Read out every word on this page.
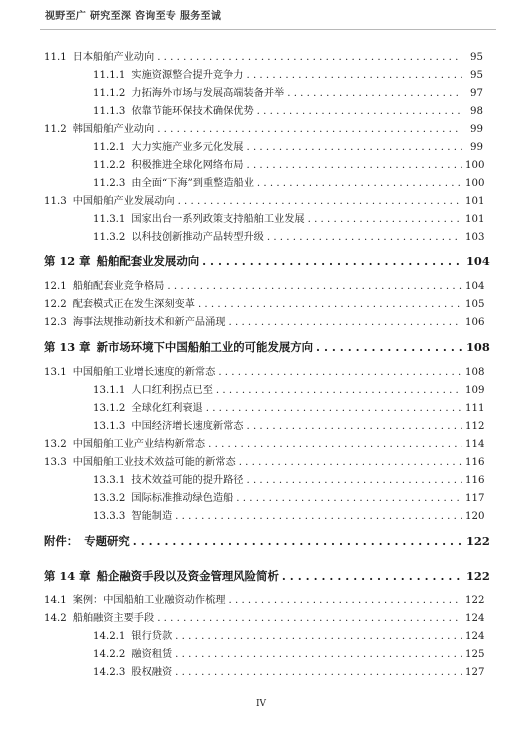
视野至广 研究至深 咨询至专 服务至诚
11.1 日本船舶产业动向 . . .	95
11.1.1 实施资源整合提升竞争力 . . .	95
11.1.2 力拓海外市场与发展高端装备并举 . . .	97
11.1.3 依靠节能环保技术确保优势 . . .	98
11.2 韩国船舶产业动向 . . .	99
11.2.1 大力实施产业多元化发展 . . .	99
11.2.2 积极推进全球化网络布局 . . .	100
11.2.3 由全面“下海”到重整造船业 . . .	100
11.3 中国船舶产业发展动向 . . .	101
11.3.1 国家出台一系列政策支持船舶工业发展 . . .	101
11.3.2 以科技创新推动产品转型升级 . . .	103
第 12 章 船舶配套业发展动向 . . .	104
12.1 船舶配套业竞争格局 . . .	104
12.2 配套模式正在发生深刻变革 . . .	105
12.3 海事法规推动新技术和新产品涌现 . . .	106
第 13 章 新市场环境下中国船舶工业的可能发展方向 . . .	108
13.1 中国船舶工业增长速度的新常态 . . .	108
13.1.1 人口红利拐点已至 . . .	109
13.1.2 全球化红利衰退 . . .	111
13.1.3 中国经济增长速度新常态 . . .	112
13.2 中国船舶工业产业结构新常态 . . .	114
13.3 中国船舶工业技术效益可能的新常态 . . .	116
13.3.1 技术效益可能的提升路径 . . .	116
13.3.2 国际标准推动绿色造船 . . .	117
13.3.3 智能制造 . . .	120
附件： 专题研究 . . .	122
第 14 章 船企融资手段以及资金管理风险简析 . . .	122
14.1 案例：中国船舶工业融资动作梳理 . . .	122
14.2 船舶融资主要手段 . . .	124
14.2.1 银行贷款 . . .	124
14.2.2 融资租赁 . . .	125
14.2.3 股权融资 . . .	127
IV
